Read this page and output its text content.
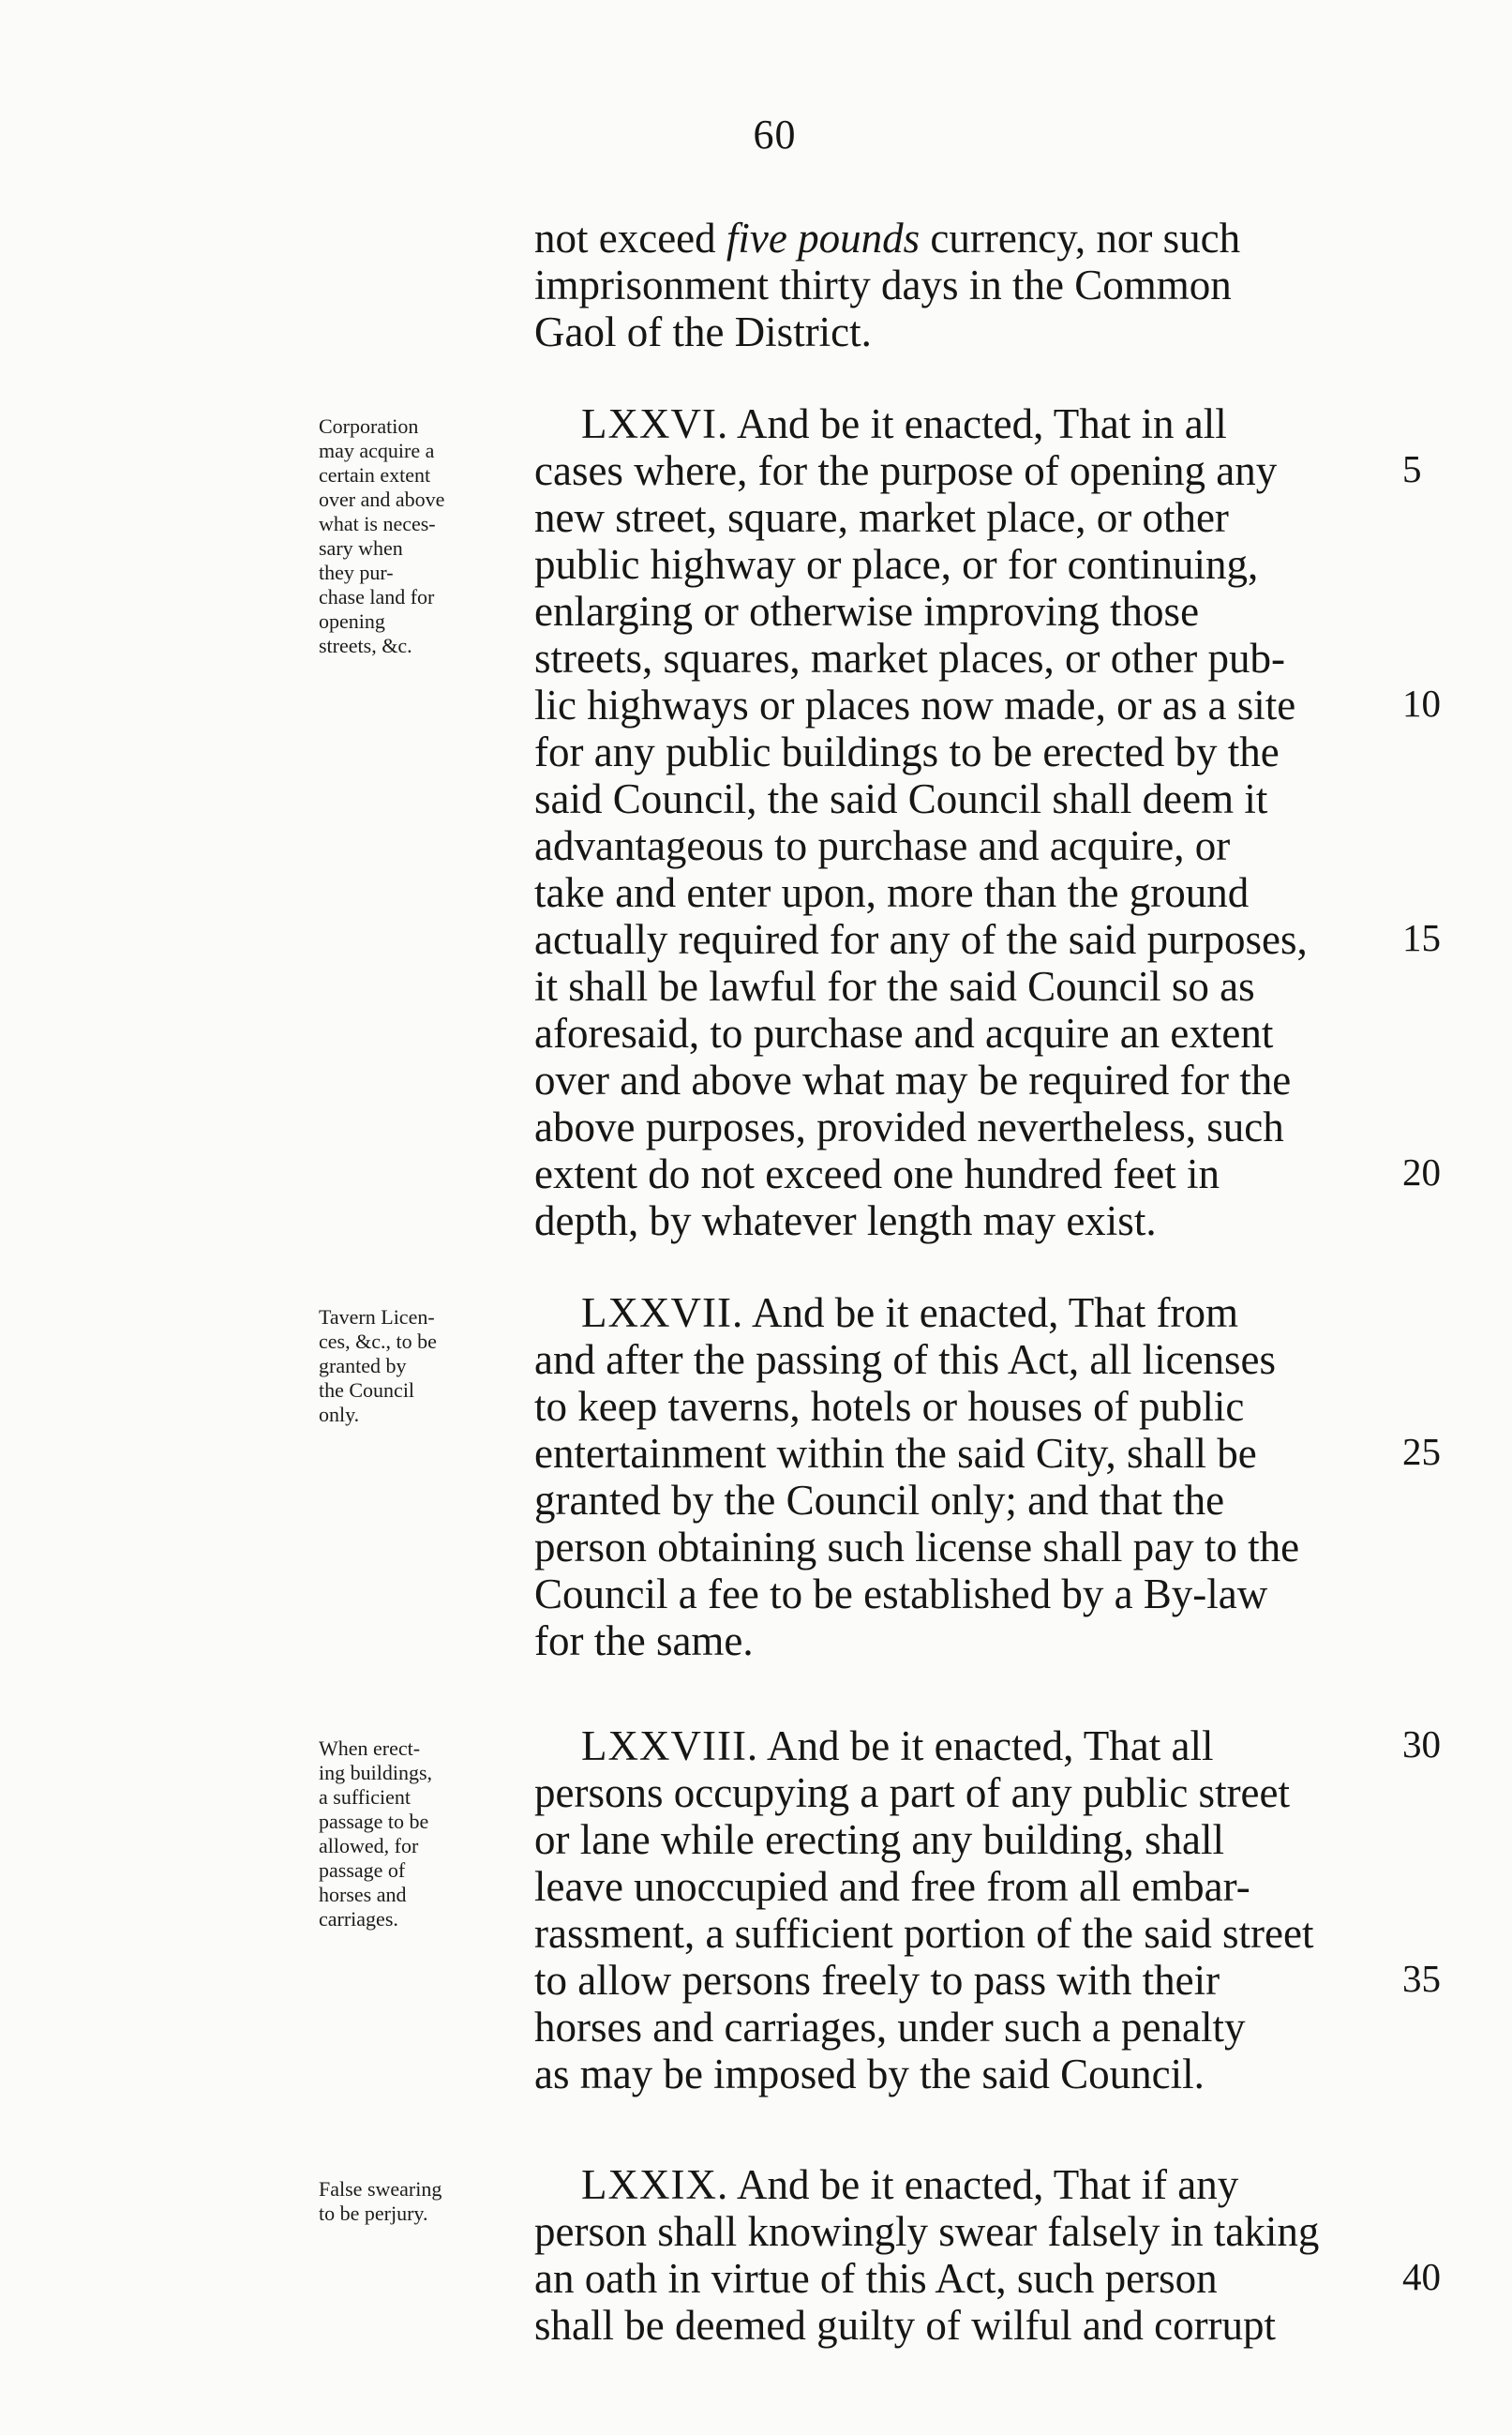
60
not exceed five pounds currency, nor such
imprisonment thirty days in the Common
Gaol of the District.
Corporation
may acquire a
certain extent
over and above
what is neces-
sary when
they pur-
chase land for
opening
streets, &c.
LXXVI. And be it enacted, That in all
cases where, for the purpose of opening any	5
new street, square, market place, or other
public highway or place, or for continuing,
enlarging or otherwise improving those
streets, squares, market places, or other pub-
lic highways or places now made, or as a site	10
for any public buildings to be erected by the
said Council, the said Council shall deem it
advantageous to purchase and acquire, or
take and enter upon, more than the ground
actually required for any of the said purposes, 15
it shall be lawful for the said Council so as
aforesaid, to purchase and acquire an extent
over and above what may be required for the
above purposes, provided nevertheless, such
extent do not exceed one hundred feet in	20
depth, by whatever length may exist.
Tavern Licen-
ces, &c., to be
granted by
the Council
only.
LXXVII. And be it enacted, That from
and after the passing of this Act, all licenses
to keep taverns, hotels or houses of public
entertainment within the said City, shall be	25
granted by the Council only; and that the
person obtaining such license shall pay to the
Council a fee to be established by a By-law
for the same.
When erect-
ing buildings,
a sufficient
passage to be
allowed, for
passage of
horses and
carriages.
LXXVIII. And be it enacted, That all	30
persons occupying a part of any public street
or lane while erecting any building, shall
leave unoccupied and free from all embar-
rassment, a sufficient portion of the said street
to allow persons freely to pass with their	35
horses and carriages, under such a penalty
as may be imposed by the said Council.
False swearing
to be perjury.
LXXIX. And be it enacted, That if any
person shall knowingly swear falsely in taking
an oath in virtue of this Act, such person	40
shall be deemed guilty of wilful and corrupt
